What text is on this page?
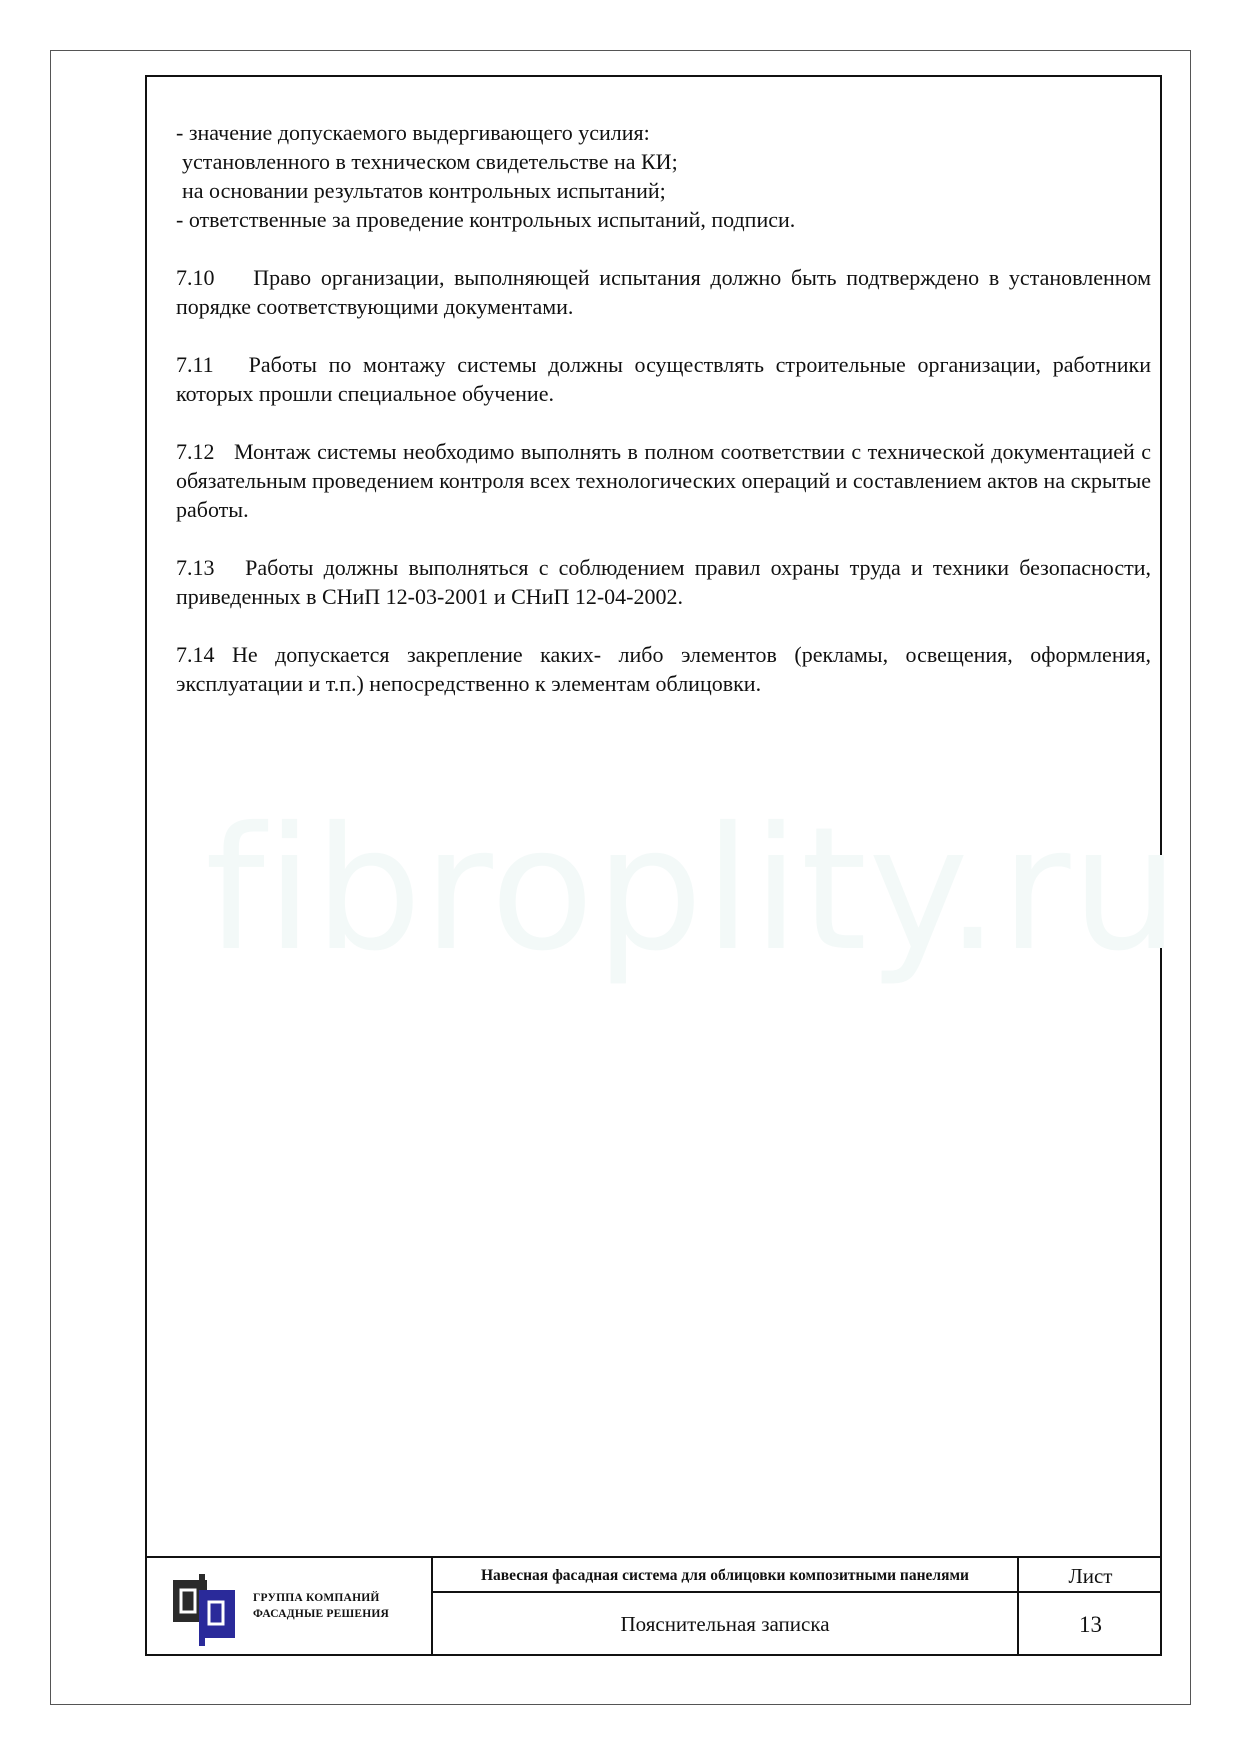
fibroplity.ru

- значение допускаемого выдергивающего усилия:

установленного в техническом свидетельстве на КИ;

на основании результатов контрольных испытаний;

- ответственные за проведение контрольных испытаний, подписи.

7.10 Право организации, выполняющей испытания должно быть подтверждено в установленном порядке соответствующими документами.
7.11 Работы по монтажу системы должны осуществлять строительные организации, работники которых прошли специальное обучение.
7.12 Монтаж системы необходимо выполнять в полном соответствии с технической документацией с обязательным проведением контроля всех технологических операций и составлением актов на скрытые работы.
7.13 Работы должны выполняться с соблюдением правил охраны труда и техники безопасности, приведенных в СНиП 12-03-2001 и СНиП 12-04-2002.
7.14 Не допускается закрепление каких- либо элементов (рекламы, освещения, оформления, эксплуатации и т.п.) непосредственно к элементам облицовки.
ГРУППА КОМПАНИЙ
ФАСАДНЫЕ РЕШЕНИЯ
Навесная фасадная система для облицовки композитными панелями	Лист
Пояснительная записка	13
